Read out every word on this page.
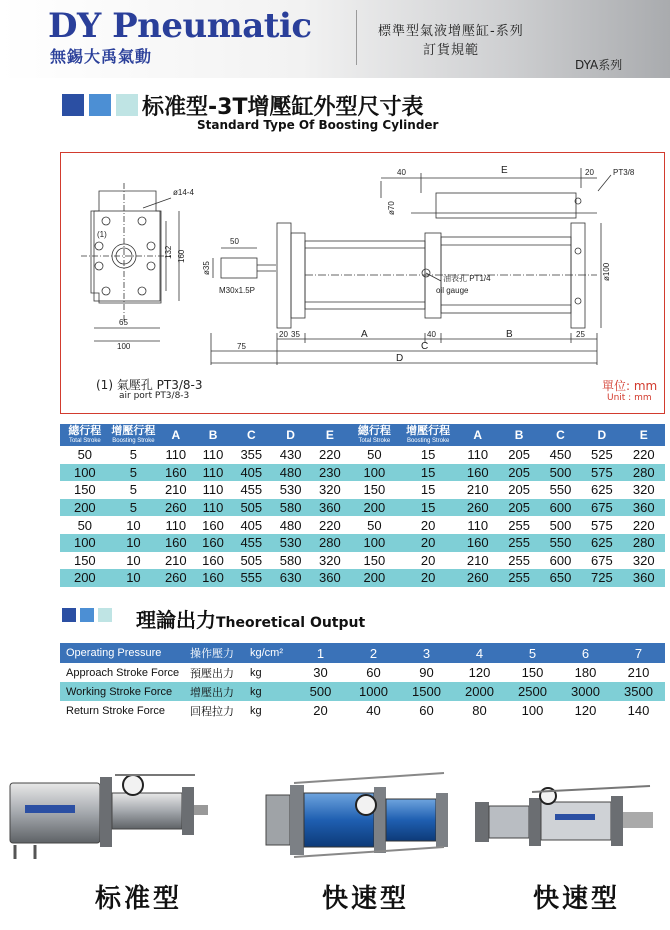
DY Pneumatic
無錫大禹氣動
標準型氣液增壓缸-系列
訂貨規範
DYA系列
标准型-3T增壓缸外型尺寸表
Standard Type Of Boosting Cylinder
ø14-4
(1)
132 160
65
100
50
ø35
M30x1.5P
40	E	20 PT3/8
ø70
油表孔 PT1/4
oil gauge
ø100
20 35	A	40	B	25
75	C
D
(1) 氣壓孔 PT3/8-3
air port PT3/8-3
單位: mm
Unit : mm
總行程
Total Stroke	增壓行程
Boosting Stroke	A	B	C	D	E	總行程
Total Stroke	增壓行程
Boosting Stroke	A	B	C	D	E
50	5	110	110	355	430	220	50	15	110	205	450	525	220
100	5	160	110	405	480	230	100	15	160	205	500	575	280
150	5	210	110	455	530	320	150	15	210	205	550	625	320
200	5	260	110	505	580	360	200	15	260	205	600	675	360
50	10	110	160	405	480	220	50	20	110	255	500	575	220
100	10	160	160	455	530	280	100	20	160	255	550	625	280
150	10	210	160	505	580	320	150	20	210	255	600	675	320
200	10	260	160	555	630	360	200	20	260	255	650	725	360
理論出力Theoretical Output
Operating Pressure	操作壓力	kg/cm²	1	2	3	4	5	6	7
Approach Stroke Force	預壓出力	kg	30	60	90	120	150	180	210
Working Stroke Force	增壓出力	kg	500	1000	1500	2000	2500	3000	3500
Return Stroke Force	回程拉力	kg	20	40	60	80	100	120	140
标准型	快速型	快速型
